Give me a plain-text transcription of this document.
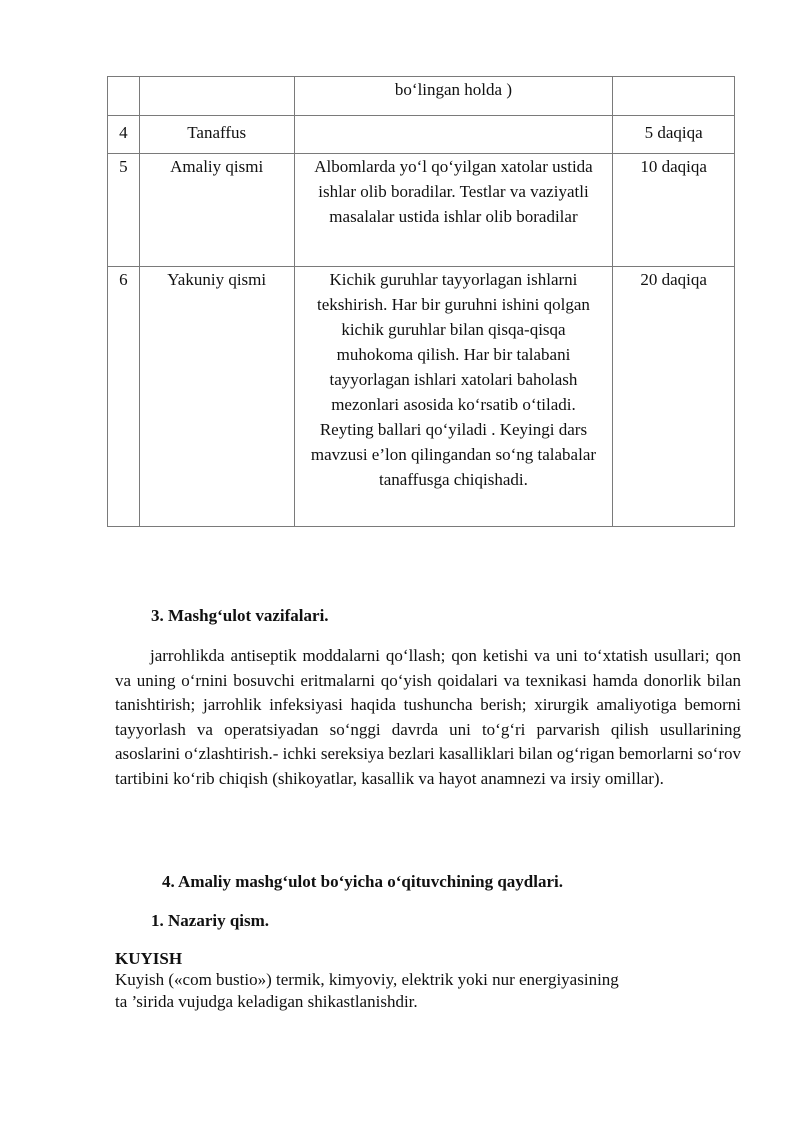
		bo‘lingan holda )	
4	Tanaffus		5 daqiqa
5	Amaliy qismi	Albomlarda yo‘l qo‘yilgan xatolar ustida ishlar olib boradilar. Testlar va vaziyatli masalalar ustida ishlar olib boradilar	10 daqiqa
6	Yakuniy qismi	Kichik guruhlar tayyorlagan ishlarni tekshirish. Har bir guruhni ishini qolgan kichik guruhlar bilan qisqa-qisqa muhokoma qilish. Har bir talabani tayyorlagan ishlari xatolari baholash mezonlari asosida ko‘rsatib o‘tiladi. Reyting ballari qo‘yiladi . Keyingi dars mavzusi e’lon qilingandan so‘ng talabalar tanaffusga chiqishadi.	20 daqiqa
3. Mashg‘ulot vazifalari.
jarrohlikda antiseptik moddalarni qo‘llash; qon ketishi va uni to‘xtatish usullari; qon va uning o‘rnini bosuvchi eritmalarni qo‘yish qoidalari va texnikasi hamda donorlik bilan tanishtirish; jarrohlik infeksiyasi haqida tushuncha berish; xirurgik amaliyotiga bemorni tayyorlash va operatsiyadan so‘nggi davrda uni to‘g‘ri parvarish qilish usullarining asoslarini o‘zlashtirish.- ichki sereksiya bezlari kasalliklari bilan og‘rigan bemorlarni so‘rov tartibini ko‘rib chiqish (shikoyatlar, kasallik va hayot anamnezi va irsiy omillar).
4. Amaliy mashg‘ulot bo‘yicha o‘qituvchining qaydlari.
1. Nazariy qism.
KUYISH
Kuyish («com bustio») termik, kimyoviy, elektrik yoki nur energiyasining
ta ’sirida vujudga keladigan shikastlanishdir.
